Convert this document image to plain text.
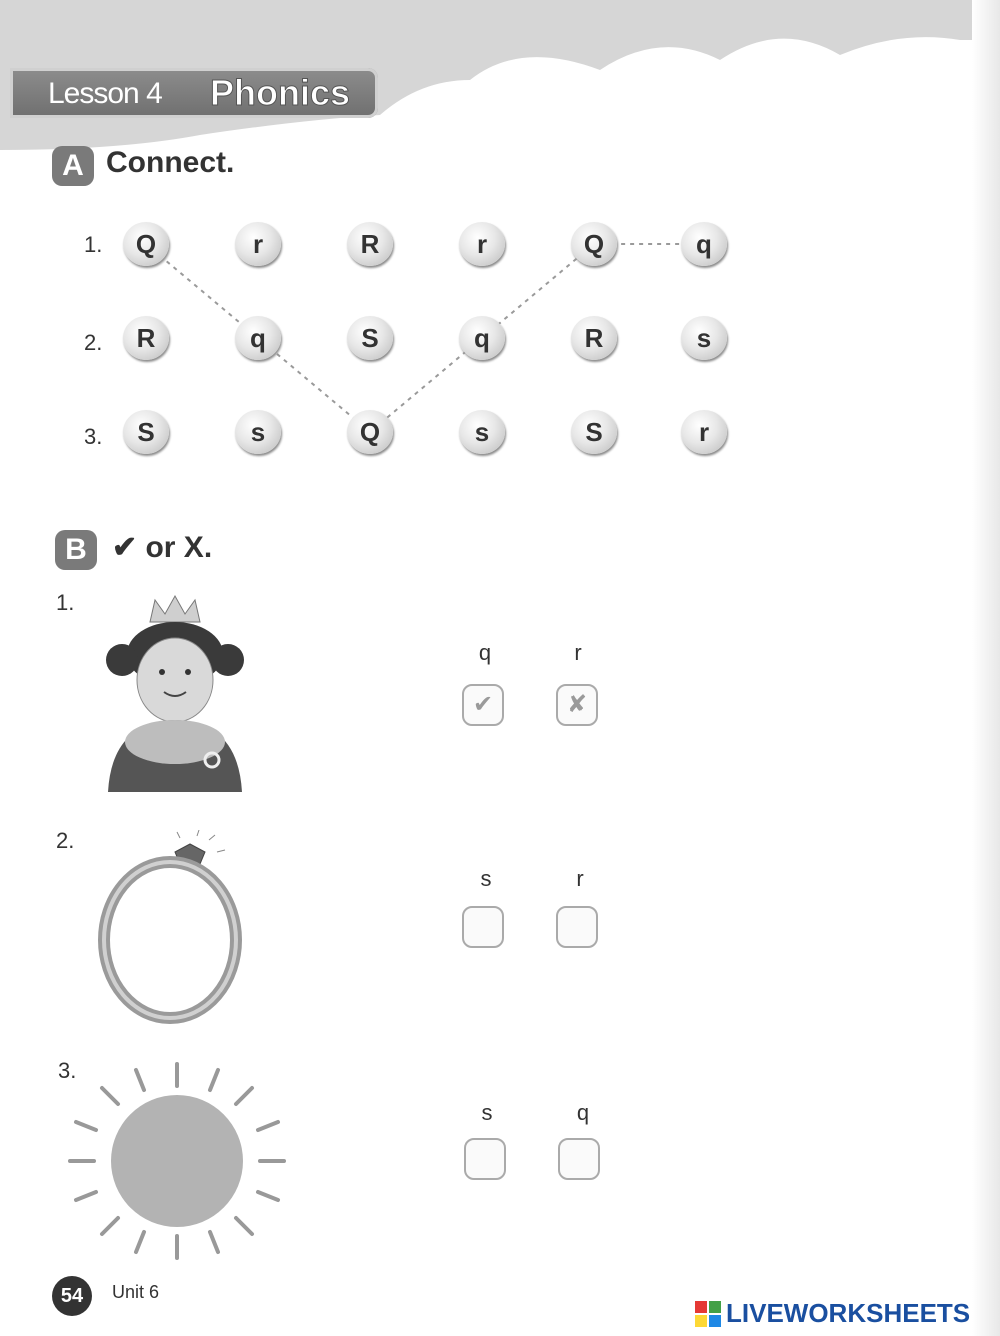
Lesson 4 Phonics
A Connect.
1.
2.
3.
Q	r	R	r	Q	q
R	q	S	q	R	s
S	s	Q	s	S	r
B ✔ or X.
1.
q	r
✔	✘
2.
s	r
3.
s	q
54	Unit 6
LIVEWORKSHEETS
